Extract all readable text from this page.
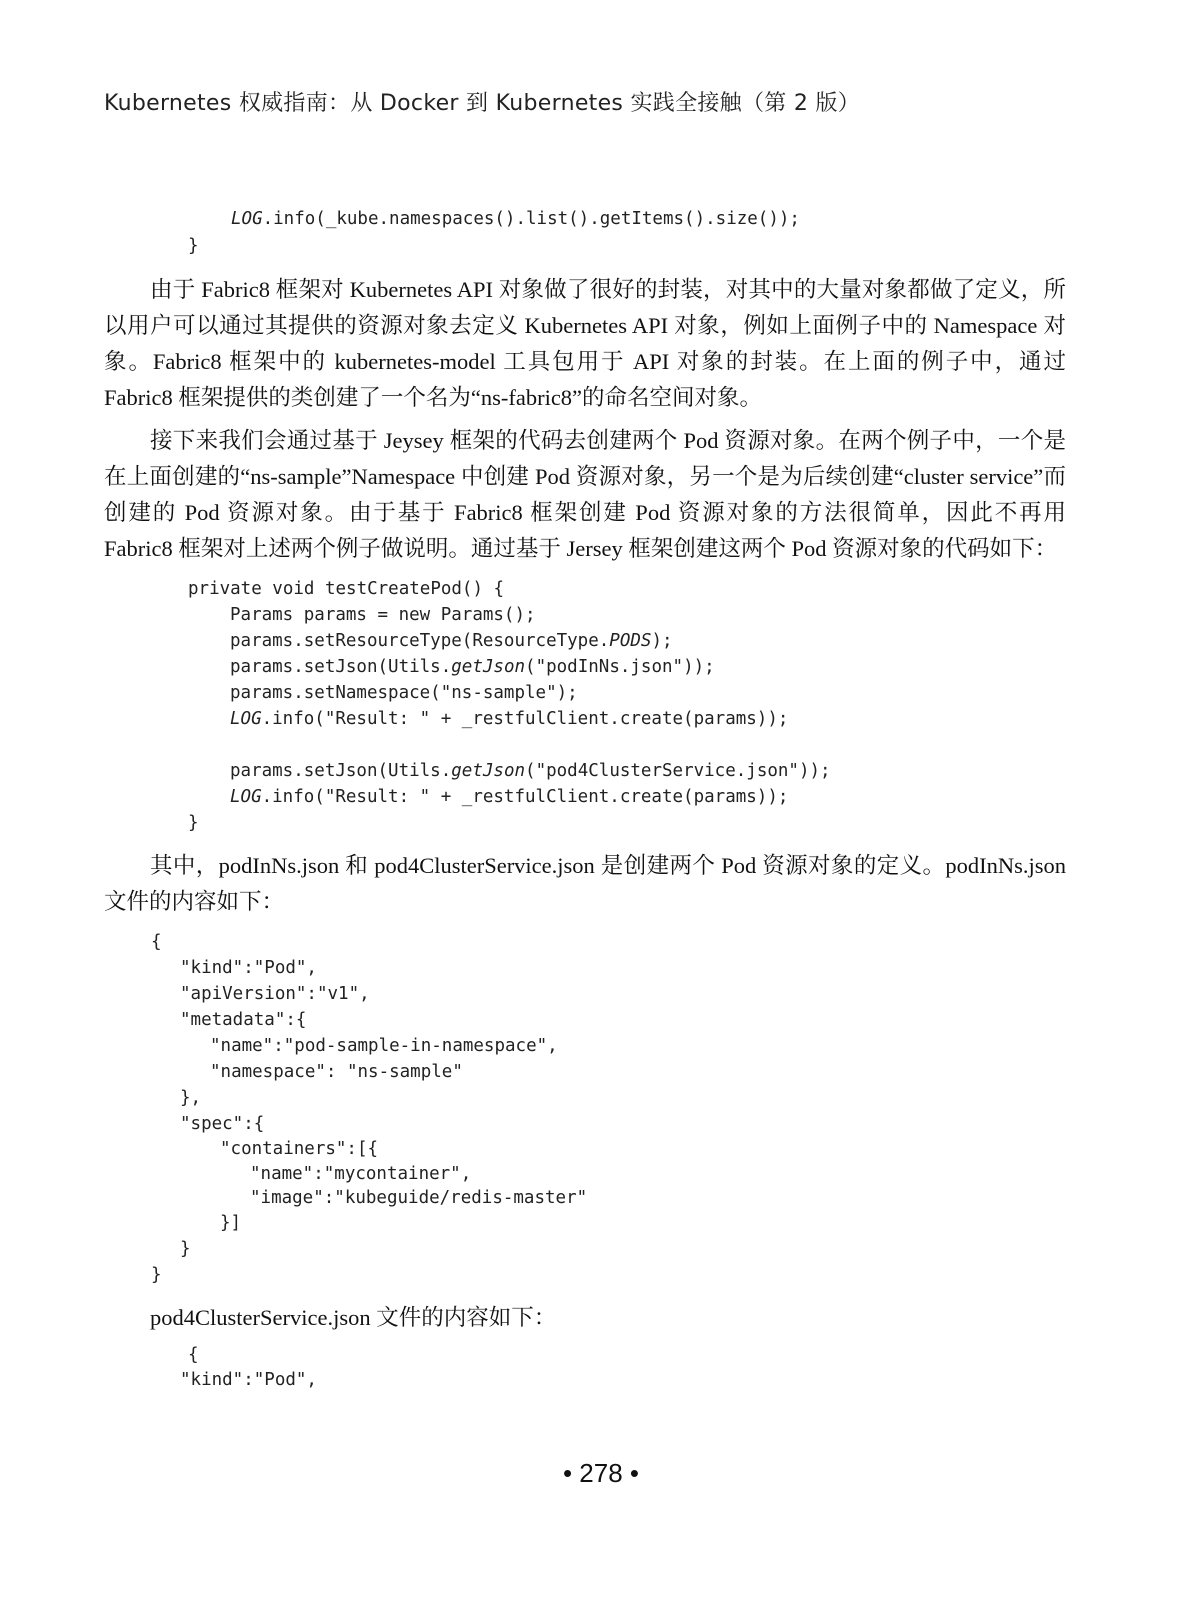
Kubernetes 权威指南：从 Docker 到 Kubernetes 实践全接触（第 2 版）
LOG.info(_kube.namespaces().list().getItems().size());
}

由于 Fabric8 框架对 Kubernetes API 对象做了很好的封装，对其中的大量对象都做了定义，所以用户可以通过其提供的资源对象去定义 Kubernetes API 对象，例如上面例子中的 Namespace 对象。Fabric8 框架中的 kubernetes-model 工具包用于 API 对象的封装。在上面的例子中，通过 Fabric8 框架提供的类创建了一个名为“ns-fabric8”的命名空间对象。

接下来我们会通过基于 Jeysey 框架的代码去创建两个 Pod 资源对象。在两个例子中，一个是在上面创建的“ns-sample”Namespace 中创建 Pod 资源对象，另一个是为后续创建“cluster service”而创建的 Pod 资源对象。由于基于 Fabric8 框架创建 Pod 资源对象的方法很简单，因此不再用 Fabric8 框架对上述两个例子做说明。通过基于 Jersey 框架创建这两个 Pod 资源对象的代码如下：

private void testCreatePod() {
Params params = new Params();
params.setResourceType(ResourceType.PODS);
params.setJson(Utils.getJson("podInNs.json"));
params.setNamespace("ns-sample");
LOG.info("Result: " + _restfulClient.create(params));
params.setJson(Utils.getJson("pod4ClusterService.json"));
LOG.info("Result: " + _restfulClient.create(params));
}

其中，podInNs.json 和 pod4ClusterService.json 是创建两个 Pod 资源对象的定义。podInNs.json 文件的内容如下：

{
"kind":"Pod",
"apiVersion":"v1",
"metadata":{
"name":"pod-sample-in-namespace",
"namespace": "ns-sample"
},
"spec":{
"containers":[{
"name":"mycontainer",
"image":"kubeguide/redis-master"
}]
}
}
pod4ClusterService.json 文件的内容如下：
{
"kind":"Pod",
• 278 •
